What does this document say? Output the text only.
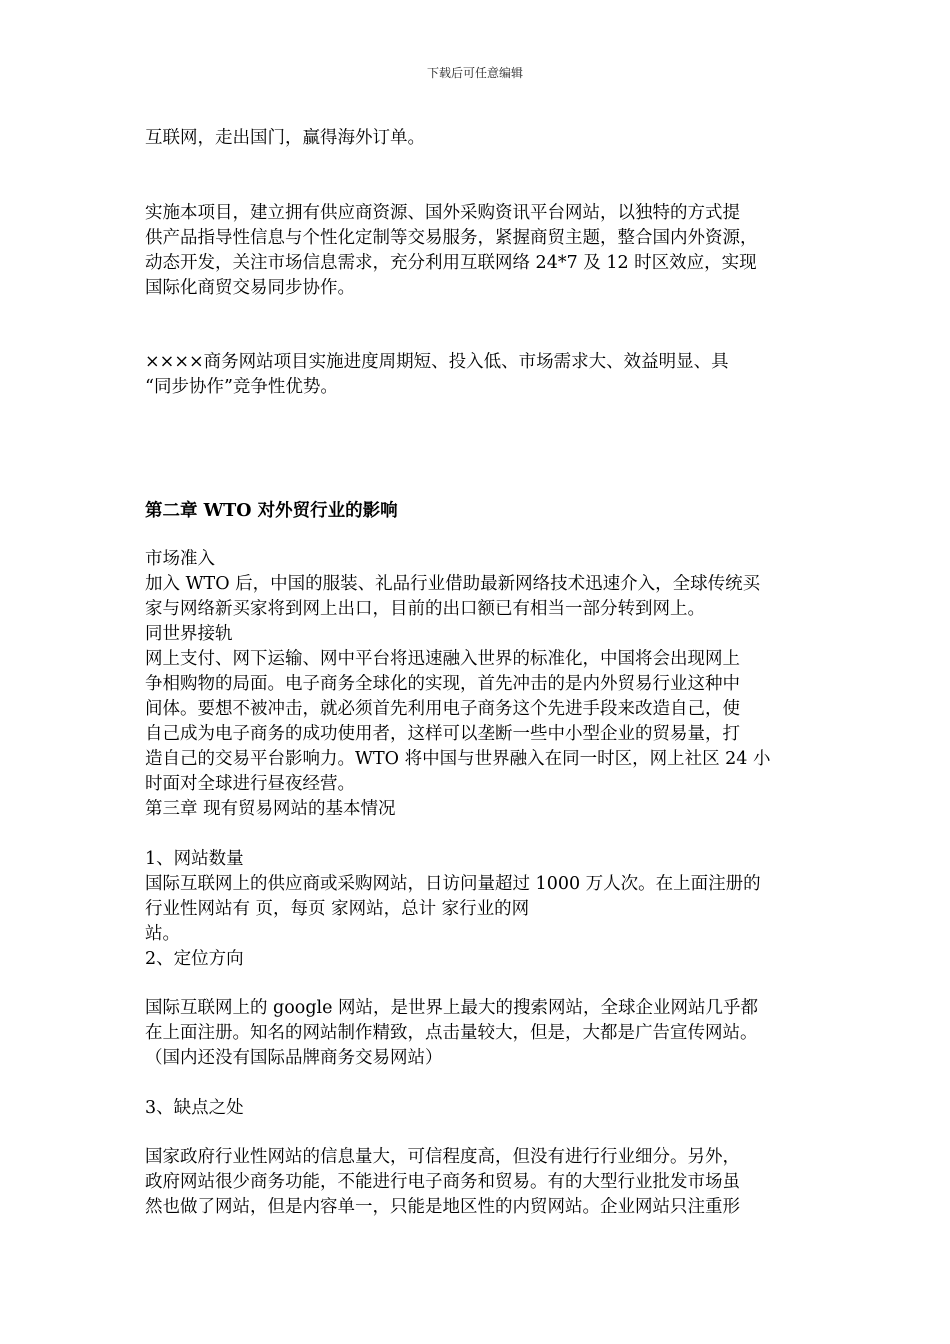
下载后可任意编辑
互联网，走出国门，赢得海外订单。
实施本项目，建立拥有供应商资源、国外采购资讯平台网站，以独特的方式提
供产品指导性信息与个性化定制等交易服务，紧握商贸主题，整合国内外资源，
动态开发，关注市场信息需求，充分利用互联网络 24*7 及 12 时区效应，实现
国际化商贸交易同步协作。
××××商务网站项目实施进度周期短、投入低、市场需求大、效益明显、具
“同步协作”竞争性优势。
第二章 WTO 对外贸行业的影响
市场准入
加入 WTO 后，中国的服装、礼品行业借助最新网络技术迅速介入，全球传统买
家与网络新买家将到网上出口，目前的出口额已有相当一部分转到网上。
同世界接轨
网上支付、网下运输、网中平台将迅速融入世界的标准化，中国将会出现网上
争相购物的局面。电子商务全球化的实现，首先冲击的是内外贸易行业这种中
间体。要想不被冲击，就必须首先利用电子商务这个先进手段来改造自己，使
自己成为电子商务的成功使用者，这样可以垄断一些中小型企业的贸易量，打
造自己的交易平台影响力。WTO 将中国与世界融入在同一时区，网上社区 24 小
时面对全球进行昼夜经营。
第三章 现有贸易网站的基本情况
1、网站数量
国际互联网上的供应商或采购网站，日访问量超过 1000 万人次。在上面注册的
行业性网站有 页，每页 家网站，总计 家行业的网
站。
2、定位方向
国际互联网上的 google 网站，是世界上最大的搜索网站，全球企业网站几乎都
在上面注册。知名的网站制作精致，点击量较大，但是，大都是广告宣传网站。
（国内还没有国际品牌商务交易网站）
3、缺点之处
国家政府行业性网站的信息量大，可信程度高，但没有进行行业细分。另外，
政府网站很少商务功能，不能进行电子商务和贸易。有的大型行业批发市场虽
然也做了网站，但是内容单一，只能是地区性的内贸网站。企业网站只注重形
